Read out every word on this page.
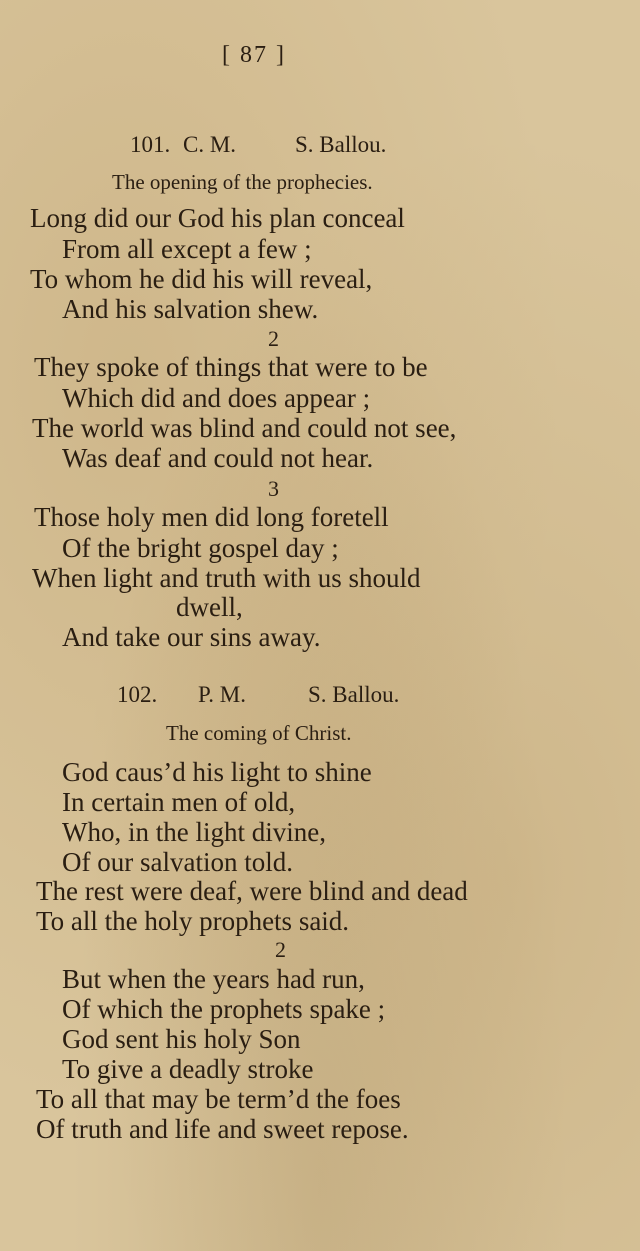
[ 87 ]
101. C. M.	S. Ballou.
The opening of the prophecies.
Long did our God his plan conceal
From all except a few ;
To whom he did his will reveal,
And his salvation shew.
2
They spoke of things that were to be
Which did and does appear ;
The world was blind and could not see,
Was deaf and could not hear.
3
Those holy men did long foretell
Of the bright gospel day ;
When light and truth with us should
dwell,
And take our sins away.
102. P. M.	S. Ballou.
The coming of Christ.
God caus’d his light to shine
In certain men of old,
Who, in the light divine,
Of our salvation told.
The rest were deaf, were blind and dead
To all the holy prophets said.
2
But when the years had run,
Of which the prophets spake ;
God sent his holy Son
To give a deadly stroke
To all that may be term’d the foes
Of truth and life and sweet repose.
